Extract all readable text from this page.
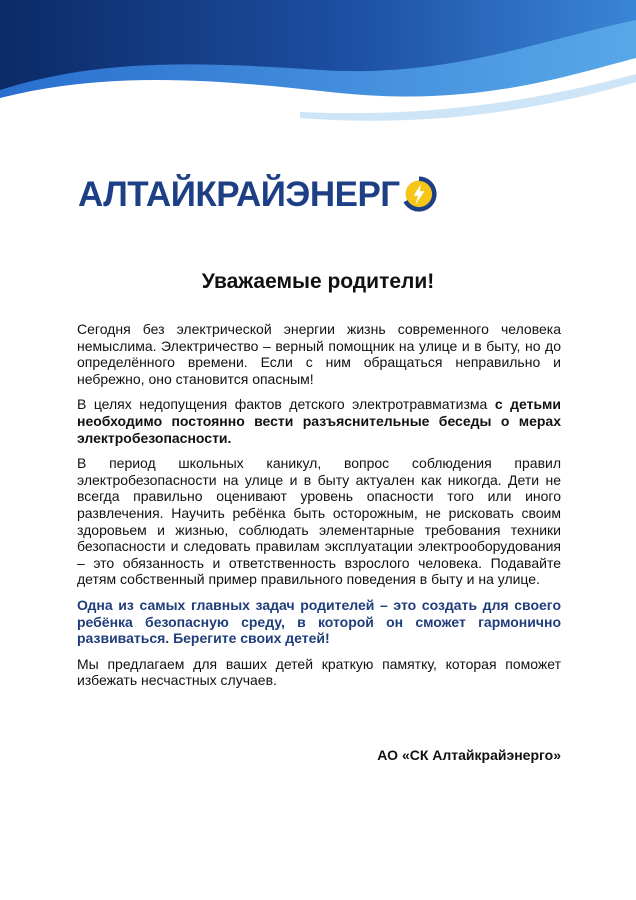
АЛТАЙКРАЙЭНЕРГ
Уважаемые родители!

Сегодня без электрической энергии жизнь современного человека немыслима. Электричество – верный помощник на улице и в быту, но до определённого времени. Если с ним обращаться неправильно и небрежно, оно становится опасным!

В целях недопущения фактов детского электротравматизма с детьми необходимо постоянно вести разъяснительные беседы о мерах электробезопасности.

В период школьных каникул, вопрос соблюдения правил электробезопасности на улице и в быту актуален как никогда. Дети не всегда правильно оценивают уровень опасности того или иного развлечения. Научить ребёнка быть осторожным, не рисковать своим здоровьем и жизнью, соблюдать элементарные требования техники безопасности и следовать правилам эксплуатации электрооборудования – это обязанность и ответственность взрослого человека. Подавайте детям собственный пример правильного поведения в быту и на улице.

Одна из самых главных задач родителей – это создать для своего ребёнка безопасную среду, в которой он сможет гармонично развиваться. Берегите своих детей!

Мы предлагаем для ваших детей краткую памятку, которая поможет избежать несчастных случаев.

АО «СК Алтайкрайэнерго»
